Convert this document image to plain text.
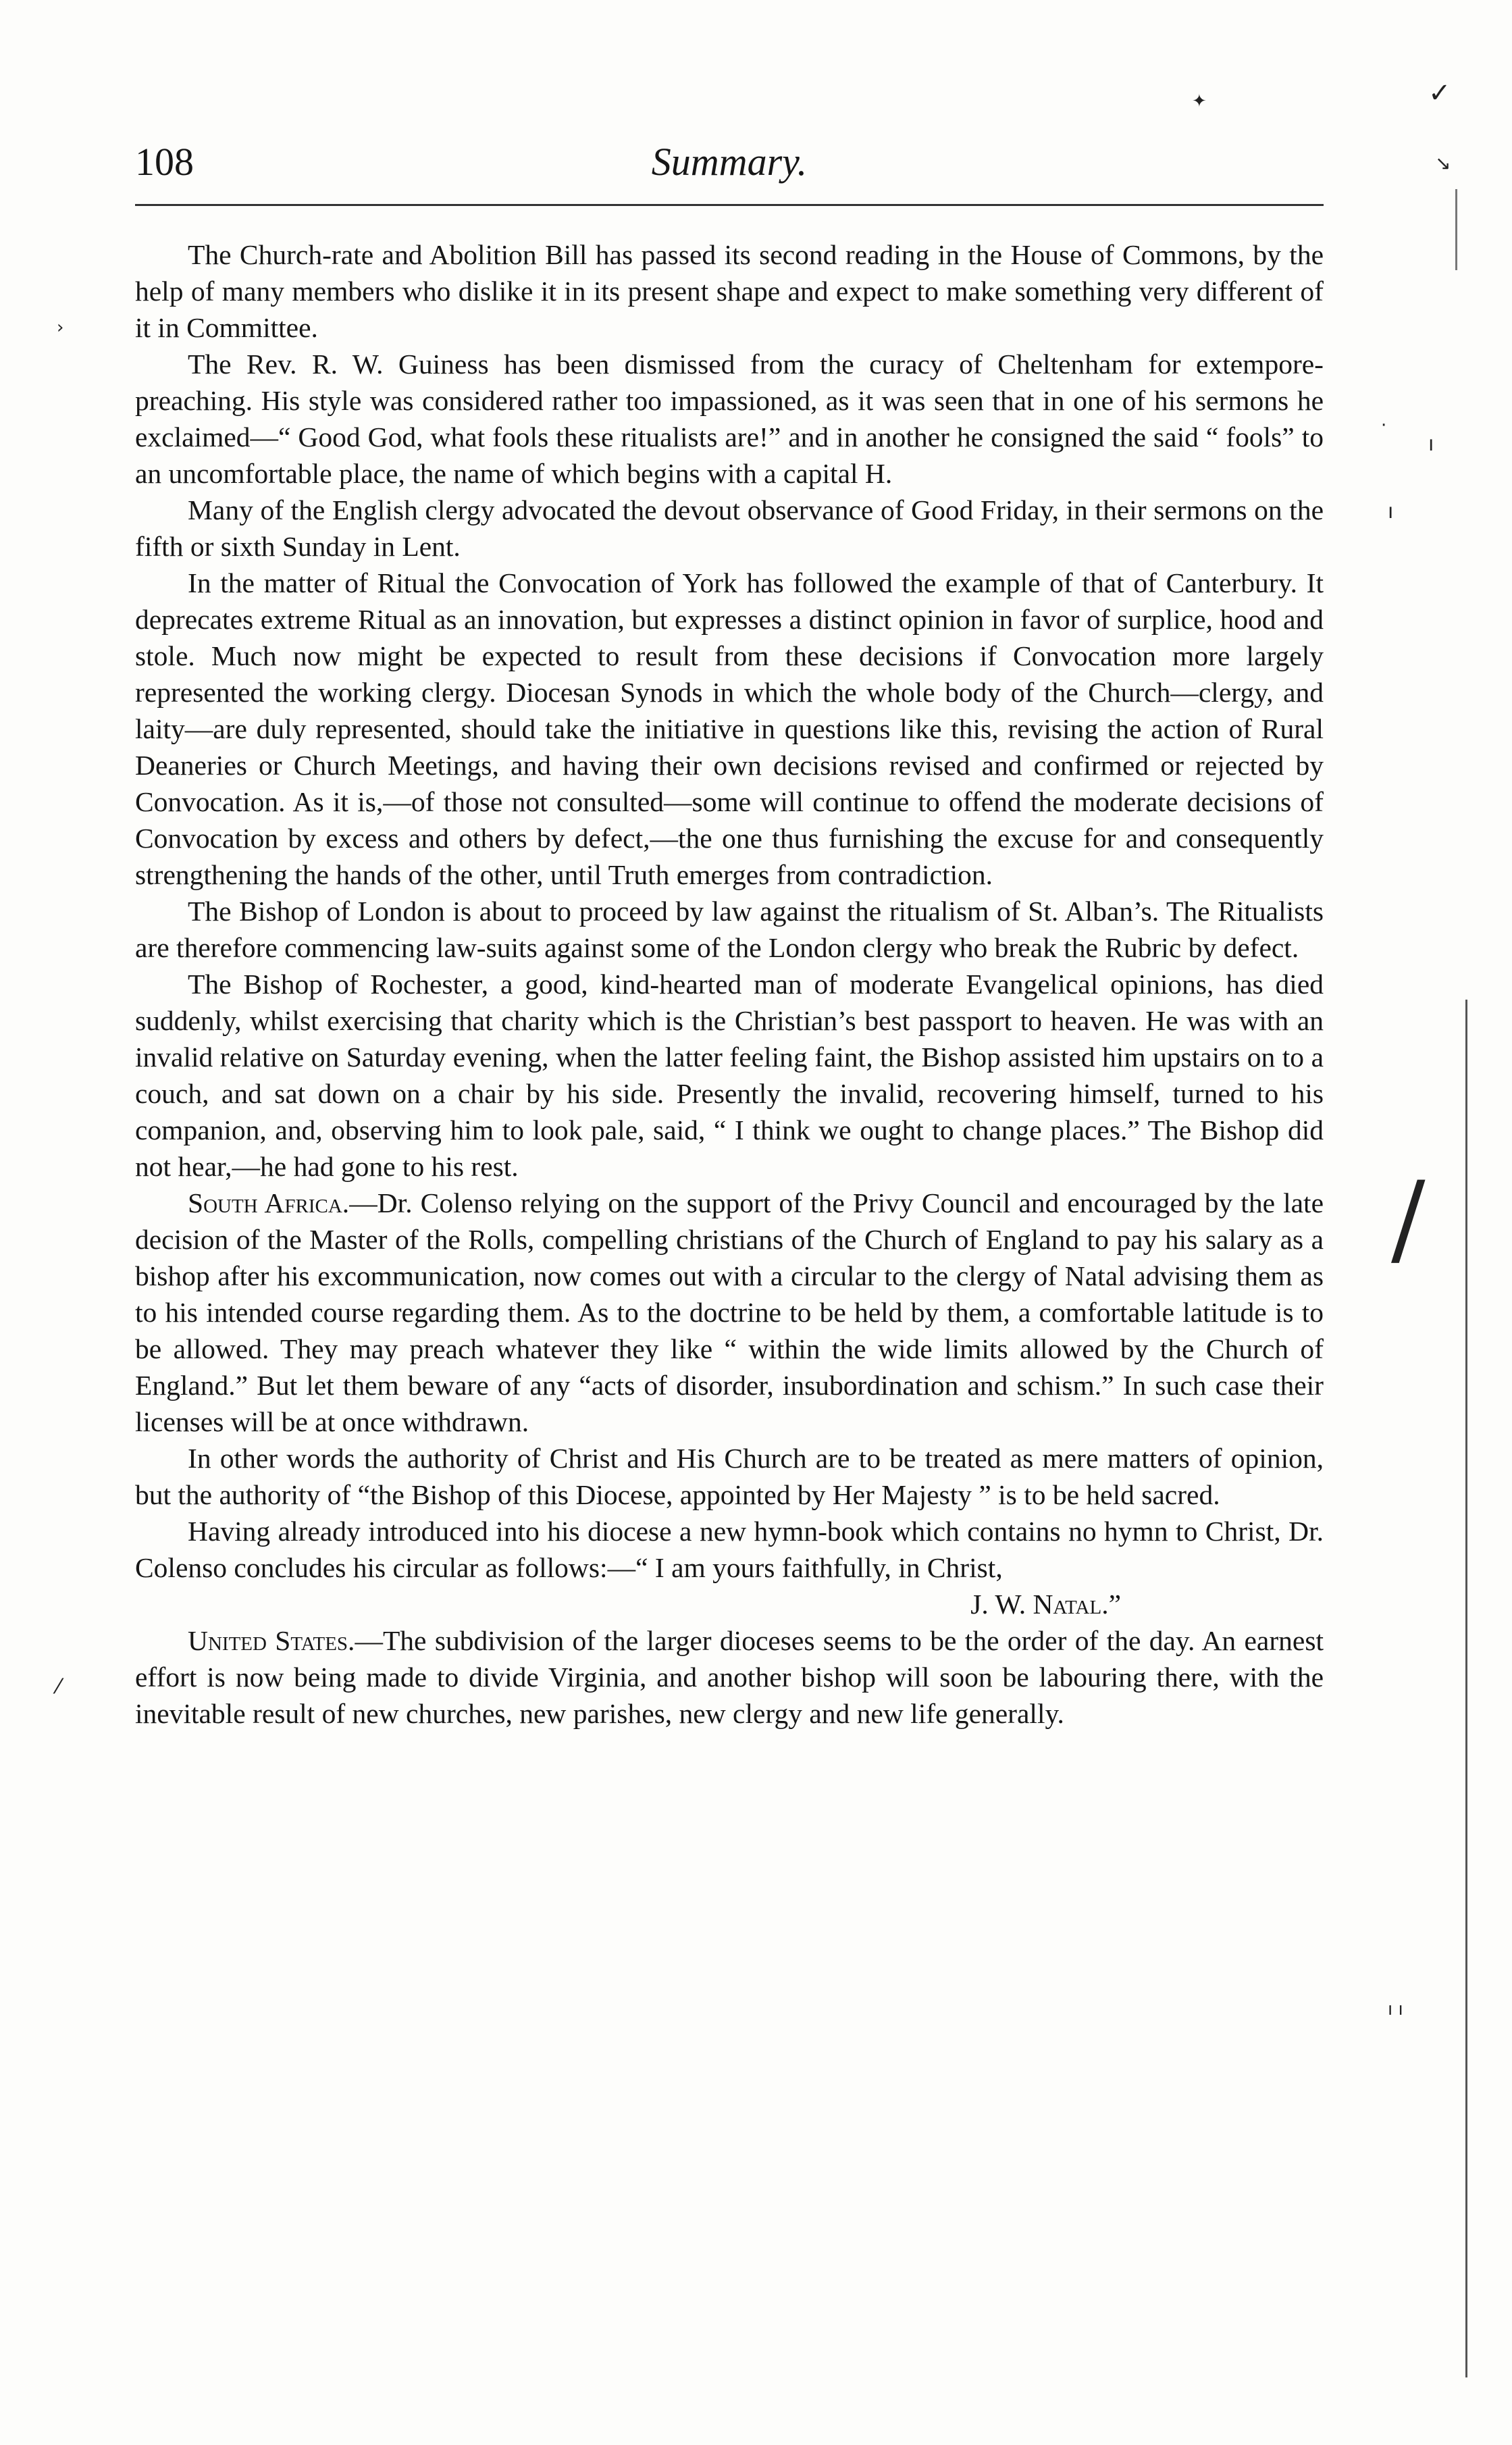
✓
✦
↘
·
ı
ı
/
›
⁄
ı ı
108	Summary.

The Church-rate and Abolition Bill has passed its second reading in the House of Commons, by the help of many members who dislike it in its present shape and expect to make something very different of it in Committee.

The Rev. R. W. Guiness has been dismissed from the curacy of Cheltenham for extempore-preaching. His style was considered rather too impassioned, as it was seen that in one of his sermons he exclaimed—“ Good God, what fools these ritualists are!” and in another he consigned the said “ fools” to an uncomfortable place, the name of which begins with a capital H.

Many of the English clergy advocated the devout observance of Good Friday, in their sermons on the fifth or sixth Sunday in Lent.

In the matter of Ritual the Convocation of York has followed the example of that of Canterbury. It deprecates extreme Ritual as an innovation, but expresses a distinct opinion in favor of surplice, hood and stole. Much now might be expected to result from these decisions if Convocation more largely represented the working clergy. Diocesan Synods in which the whole body of the Church—clergy, and laity—are duly represented, should take the initiative in questions like this, revising the action of Rural Deaneries or Church Meetings, and having their own decisions revised and confirmed or rejected by Convocation. As it is,—of those not consulted—some will continue to offend the moderate decisions of Convocation by excess and others by defect,—the one thus furnishing the excuse for and consequently strengthening the hands of the other, until Truth emerges from contradiction.

The Bishop of London is about to proceed by law against the ritualism of St. Alban’s. The Ritualists are therefore commencing law-suits against some of the London clergy who break the Rubric by defect.

The Bishop of Rochester, a good, kind-hearted man of moderate Evangelical opinions, has died suddenly, whilst exercising that charity which is the Christian’s best passport to heaven. He was with an invalid relative on Saturday evening, when the latter feeling faint, the Bishop assisted him upstairs on to a couch, and sat down on a chair by his side. Presently the invalid, recovering himself, turned to his companion, and, observing him to look pale, said, “ I think we ought to change places.” The Bishop did not hear,—he had gone to his rest.

South Africa.—Dr. Colenso relying on the support of the Privy Council and encouraged by the late decision of the Master of the Rolls, compelling christians of the Church of England to pay his salary as a bishop after his excommunication, now comes out with a circular to the clergy of Natal advising them as to his intended course regarding them. As to the doctrine to be held by them, a comfortable latitude is to be allowed. They may preach whatever they like “ within the wide limits allowed by the Church of England.” But let them beware of any “acts of disorder, insubordination and schism.” In such case their licenses will be at once withdrawn.

In other words the authority of Christ and His Church are to be treated as mere matters of opinion, but the authority of “the Bishop of this Diocese, appointed by Her Majesty ” is to be held sacred.

Having already introduced into his diocese a new hymn-book which contains no hymn to Christ, Dr. Colenso concludes his circular as follows:—“ I am yours faithfully, in Christ,

J. W. Natal.”

United States.—The subdivision of the larger dioceses seems to be the order of the day. An earnest effort is now being made to divide Virginia, and another bishop will soon be labouring there, with the inevitable result of new churches, new parishes, new clergy and new life generally.
